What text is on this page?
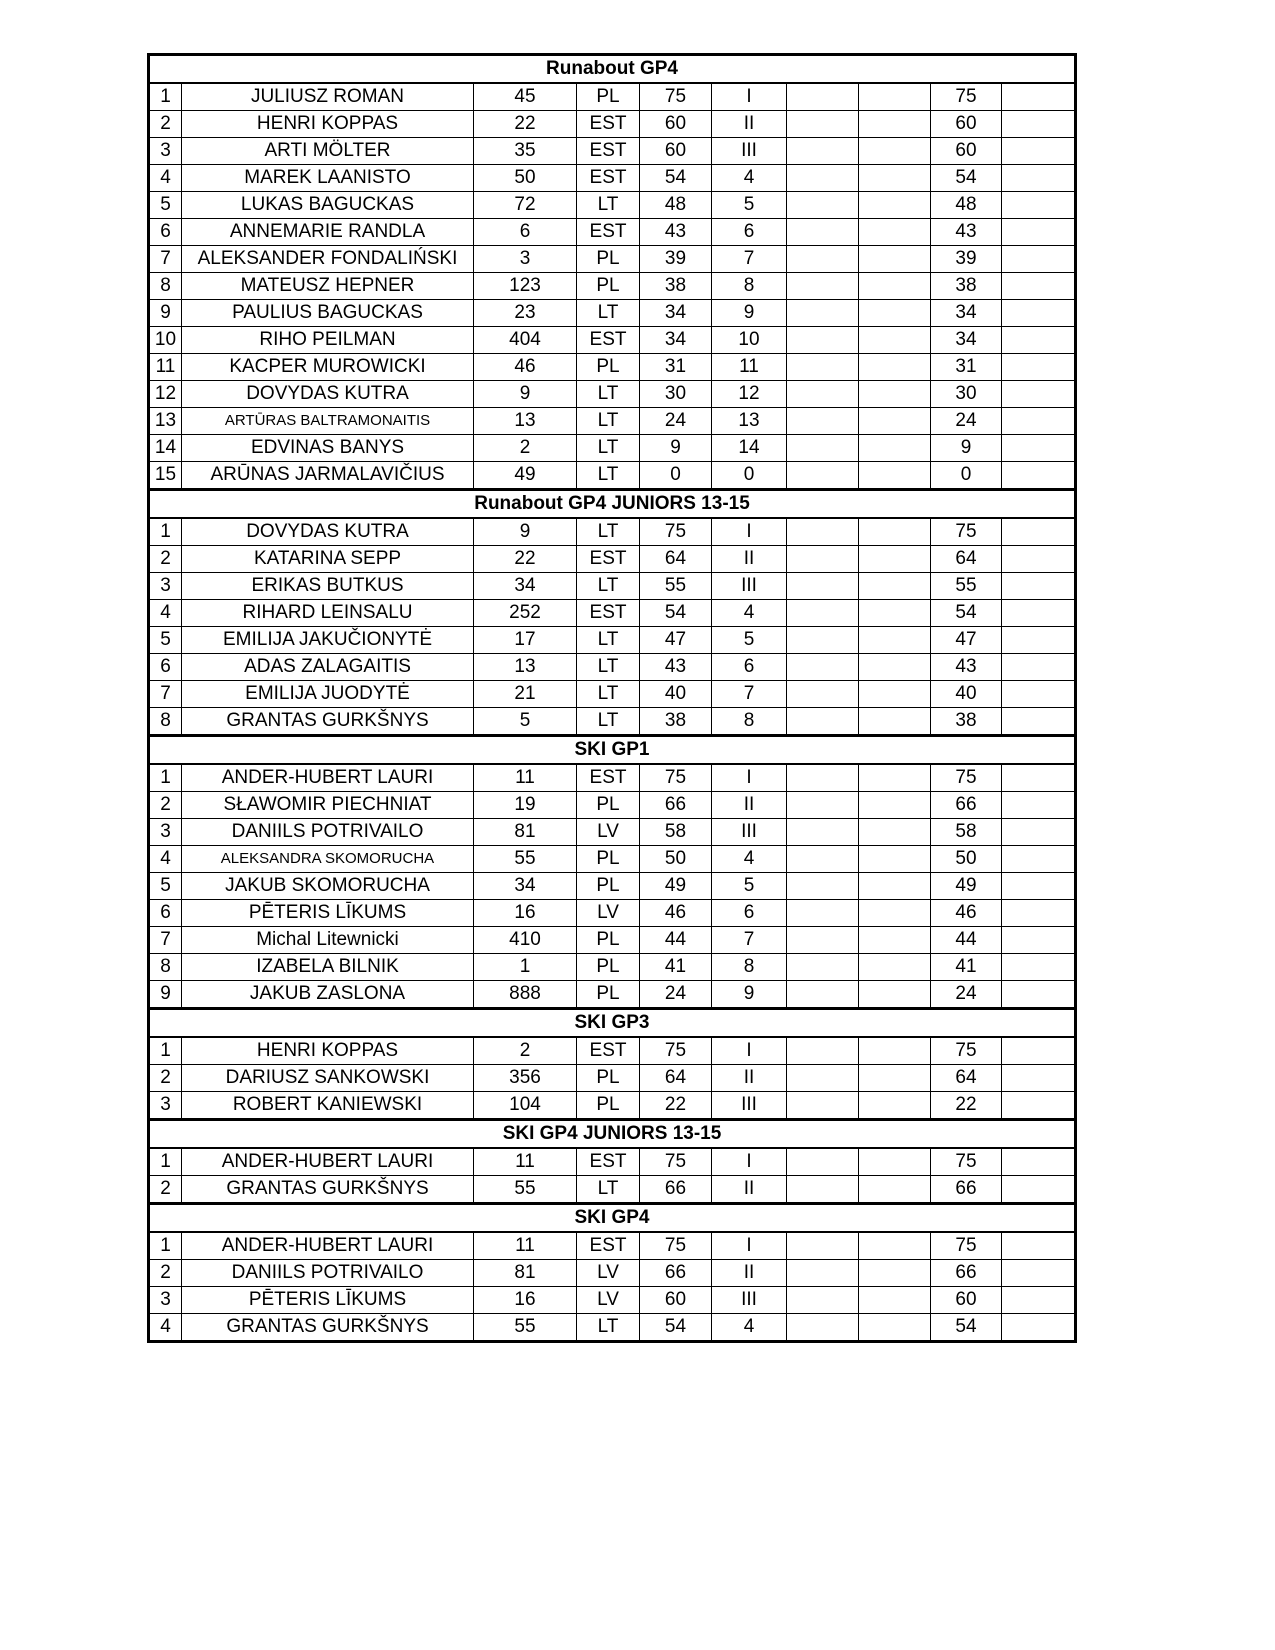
Runabout GP4									
1	JULIUSZ ROMAN	45	PL	75	I			75	
2	HENRI KOPPAS	22	EST	60	II			60	
3	ARTI MÖLTER	35	EST	60	III			60	
4	MAREK LAANISTO	50	EST	54	4			54	
5	LUKAS BAGUCKAS	72	LT	48	5			48	
6	ANNEMARIE RANDLA	6	EST	43	6			43	
7	ALEKSANDER FONDALIŃSKI	3	PL	39	7			39	
8	MATEUSZ HEPNER	123	PL	38	8			38	
9	PAULIUS BAGUCKAS	23	LT	34	9			34	
10	RIHO PEILMAN	404	EST	34	10			34	
11	KACPER MUROWICKI	46	PL	31	11			31	
12	DOVYDAS KUTRA	9	LT	30	12			30	
13	ARTŪRAS BALTRAMONAITIS	13	LT	24	13			24	
14	EDVINAS BANYS	2	LT	9	14			9	
15	ARŪNAS JARMALAVIČIUS	49	LT	0	0			0	
Runabout GP4 JUNIORS 13-15									
1	DOVYDAS KUTRA	9	LT	75	I			75	
2	KATARINA SEPP	22	EST	64	II			64	
3	ERIKAS BUTKUS	34	LT	55	III			55	
4	RIHARD LEINSALU	252	EST	54	4			54	
5	EMILIJA JAKUČIONYTĖ	17	LT	47	5			47	
6	ADAS ZALAGAITIS	13	LT	43	6			43	
7	EMILIJA JUODYTĖ	21	LT	40	7			40	
8	GRANTAS GURKŠNYS	5	LT	38	8			38	
SKI GP1									
1	ANDER-HUBERT LAURI	11	EST	75	I			75	
2	SŁAWOMIR PIECHNIAT	19	PL	66	II			66	
3	DANIILS POTRIVAILO	81	LV	58	III			58	
4	ALEKSANDRA SKOMORUCHA	55	PL	50	4			50	
5	JAKUB SKOMORUCHA	34	PL	49	5			49	
6	PĒTERIS LĪKUMS	16	LV	46	6			46	
7	Michal Litewnicki	410	PL	44	7			44	
8	IZABELA BILNIK	1	PL	41	8			41	
9	JAKUB ZASLONA	888	PL	24	9			24	
SKI GP3									
1	HENRI KOPPAS	2	EST	75	I			75	
2	DARIUSZ SANKOWSKI	356	PL	64	II			64	
3	ROBERT KANIEWSKI	104	PL	22	III			22	
SKI GP4 JUNIORS 13-15									
1	ANDER-HUBERT LAURI	11	EST	75	I			75	
2	GRANTAS GURKŠNYS	55	LT	66	II			66	
SKI GP4									
1	ANDER-HUBERT LAURI	11	EST	75	I			75	
2	DANIILS POTRIVAILO	81	LV	66	II			66	
3	PĒTERIS LĪKUMS	16	LV	60	III			60	
4	GRANTAS GURKŠNYS	55	LT	54	4			54	
